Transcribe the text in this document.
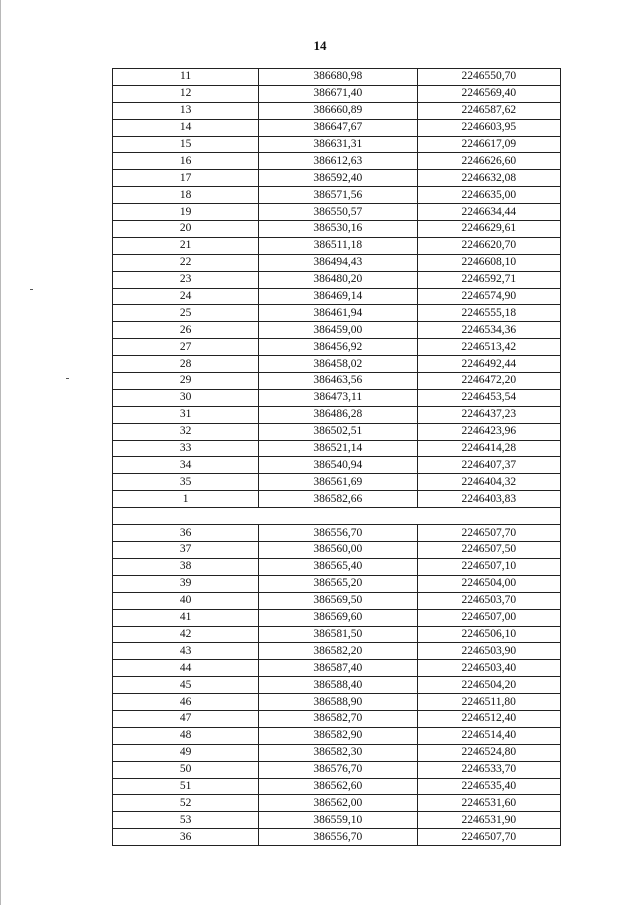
14
11	386680,98	2246550,70
12	386671,40	2246569,40
13	386660,89	2246587,62
14	386647,67	2246603,95
15	386631,31	2246617,09
16	386612,63	2246626,60
17	386592,40	2246632,08
18	386571,56	2246635,00
19	386550,57	2246634,44
20	386530,16	2246629,61
21	386511,18	2246620,70
22	386494,43	2246608,10
23	386480,20	2246592,71
24	386469,14	2246574,90
25	386461,94	2246555,18
26	386459,00	2246534,36
27	386456,92	2246513,42
28	386458,02	2246492,44
29	386463,56	2246472,20
30	386473,11	2246453,54
31	386486,28	2246437,23
32	386502,51	2246423,96
33	386521,14	2246414,28
34	386540,94	2246407,37
35	386561,69	2246404,32
1	386582,66	2246403,83

36	386556,70	2246507,70
37	386560,00	2246507,50
38	386565,40	2246507,10
39	386565,20	2246504,00
40	386569,50	2246503,70
41	386569,60	2246507,00
42	386581,50	2246506,10
43	386582,20	2246503,90
44	386587,40	2246503,40
45	386588,40	2246504,20
46	386588,90	2246511,80
47	386582,70	2246512,40
48	386582,90	2246514,40
49	386582,30	2246524,80
50	386576,70	2246533,70
51	386562,60	2246535,40
52	386562,00	2246531,60
53	386559,10	2246531,90
36	386556,70	2246507,70
